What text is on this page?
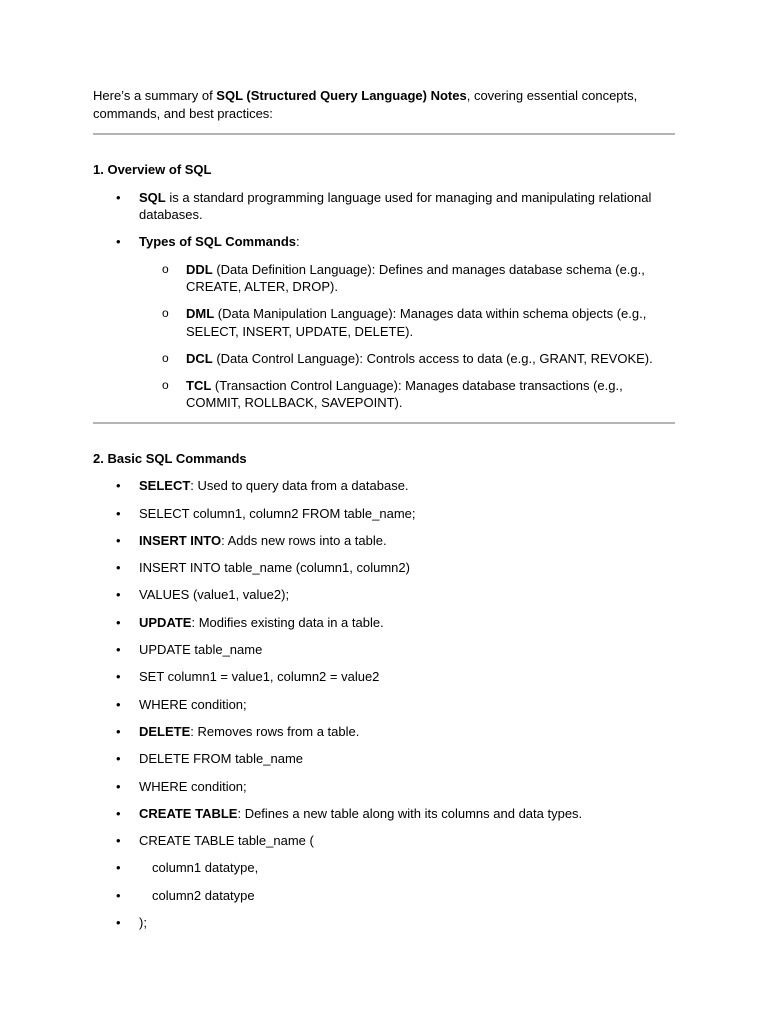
Here’s a summary of SQL (Structured Query Language) Notes, covering essential concepts, commands, and best practices:

1. Overview of SQL

• SQL is a standard programming language used for managing and manipulating relational databases.
• Types of SQL Commands:
o DDL (Data Definition Language): Defines and manages database schema (e.g., CREATE, ALTER, DROP).
o DML (Data Manipulation Language): Manages data within schema objects (e.g., SELECT, INSERT, UPDATE, DELETE).
o DCL (Data Control Language): Controls access to data (e.g., GRANT, REVOKE).
o TCL (Transaction Control Language): Manages database transactions (e.g., COMMIT, ROLLBACK, SAVEPOINT).

2. Basic SQL Commands

• SELECT: Used to query data from a database.
• SELECT column1, column2 FROM table_name;
• INSERT INTO: Adds new rows into a table.
• INSERT INTO table_name (column1, column2)
• VALUES (value1, value2);
• UPDATE: Modifies existing data in a table.
• UPDATE table_name
• SET column1 = value1, column2 = value2
• WHERE condition;
• DELETE: Removes rows from a table.
• DELETE FROM table_name
• WHERE condition;
• CREATE TABLE: Defines a new table along with its columns and data types.
• CREATE TABLE table_name (
• column1 datatype,
• column2 datatype
• );
